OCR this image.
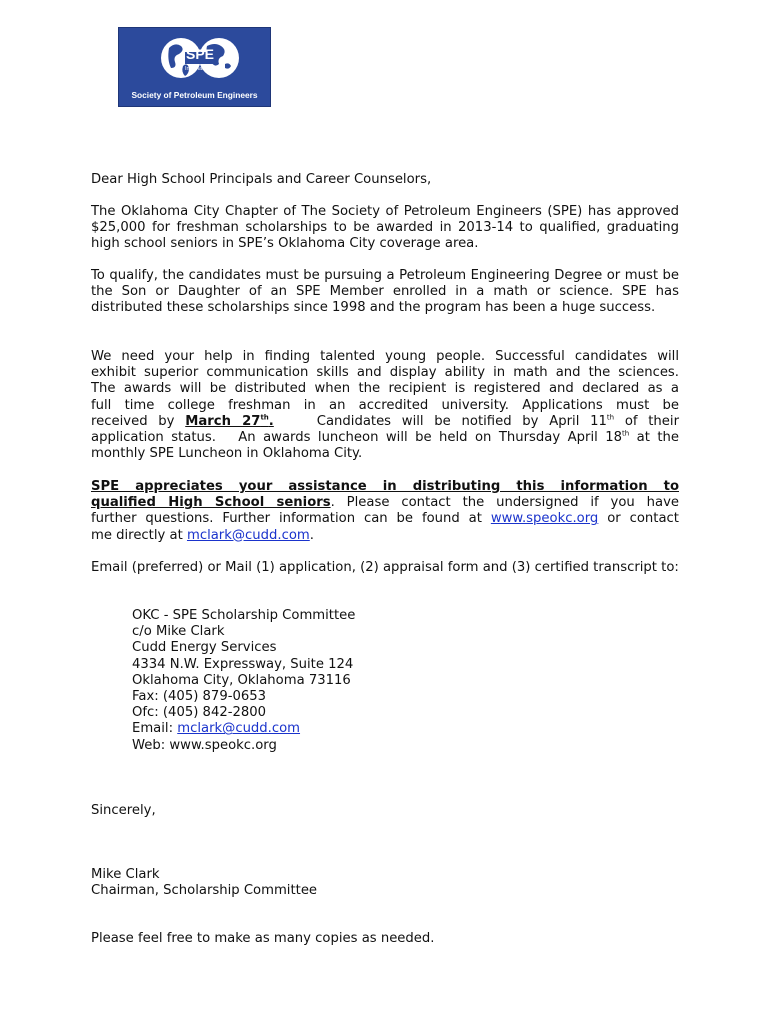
SPE
International
Society of Petroleum Engineers

Dear High School Principals and Career Counselors,

The Oklahoma City Chapter of The Society of Petroleum Engineers (SPE) has approved $25,000 for freshman scholarships to be awarded in 2013-14 to qualified, graduating high school seniors in SPE’s Oklahoma City coverage area.

To qualify, the candidates must be pursuing a Petroleum Engineering Degree or must be the Son or Daughter of an SPE Member enrolled in a math or science. SPE has distributed these scholarships since 1998 and the program has been a huge success.

We need your help in finding talented young people. Successful candidates will
exhibit superior communication skills and display ability in math and the sciences.
The awards will be distributed when the recipient is registered and declared as a
full time college freshman in an accredited university. Applications must be
received by March 27th.	Candidates will be notified by April 11th of their
application status. An awards luncheon will be held on Thursday April 18th at the
monthly SPE Luncheon in Oklahoma City.
SPE appreciates your assistance in distributing this information to
qualified High School seniors. Please contact the undersigned if you have
further questions. Further information can be found at www.speokc.org or contact
me directly at mclark@cudd.com.

Email (preferred) or Mail (1) application, (2) appraisal form and (3) certified transcript to:

OKC - SPE Scholarship Committee
c/o Mike Clark
Cudd Energy Services
4334 N.W. Expressway, Suite 124
Oklahoma City, Oklahoma 73116
Fax: (405) 879-0653
Ofc: (405) 842-2800
Email: mclark@cudd.com
Web: www.speokc.org

Sincerely,

Mike Clark

Chairman, Scholarship Committee

Please feel free to make as many copies as needed.
